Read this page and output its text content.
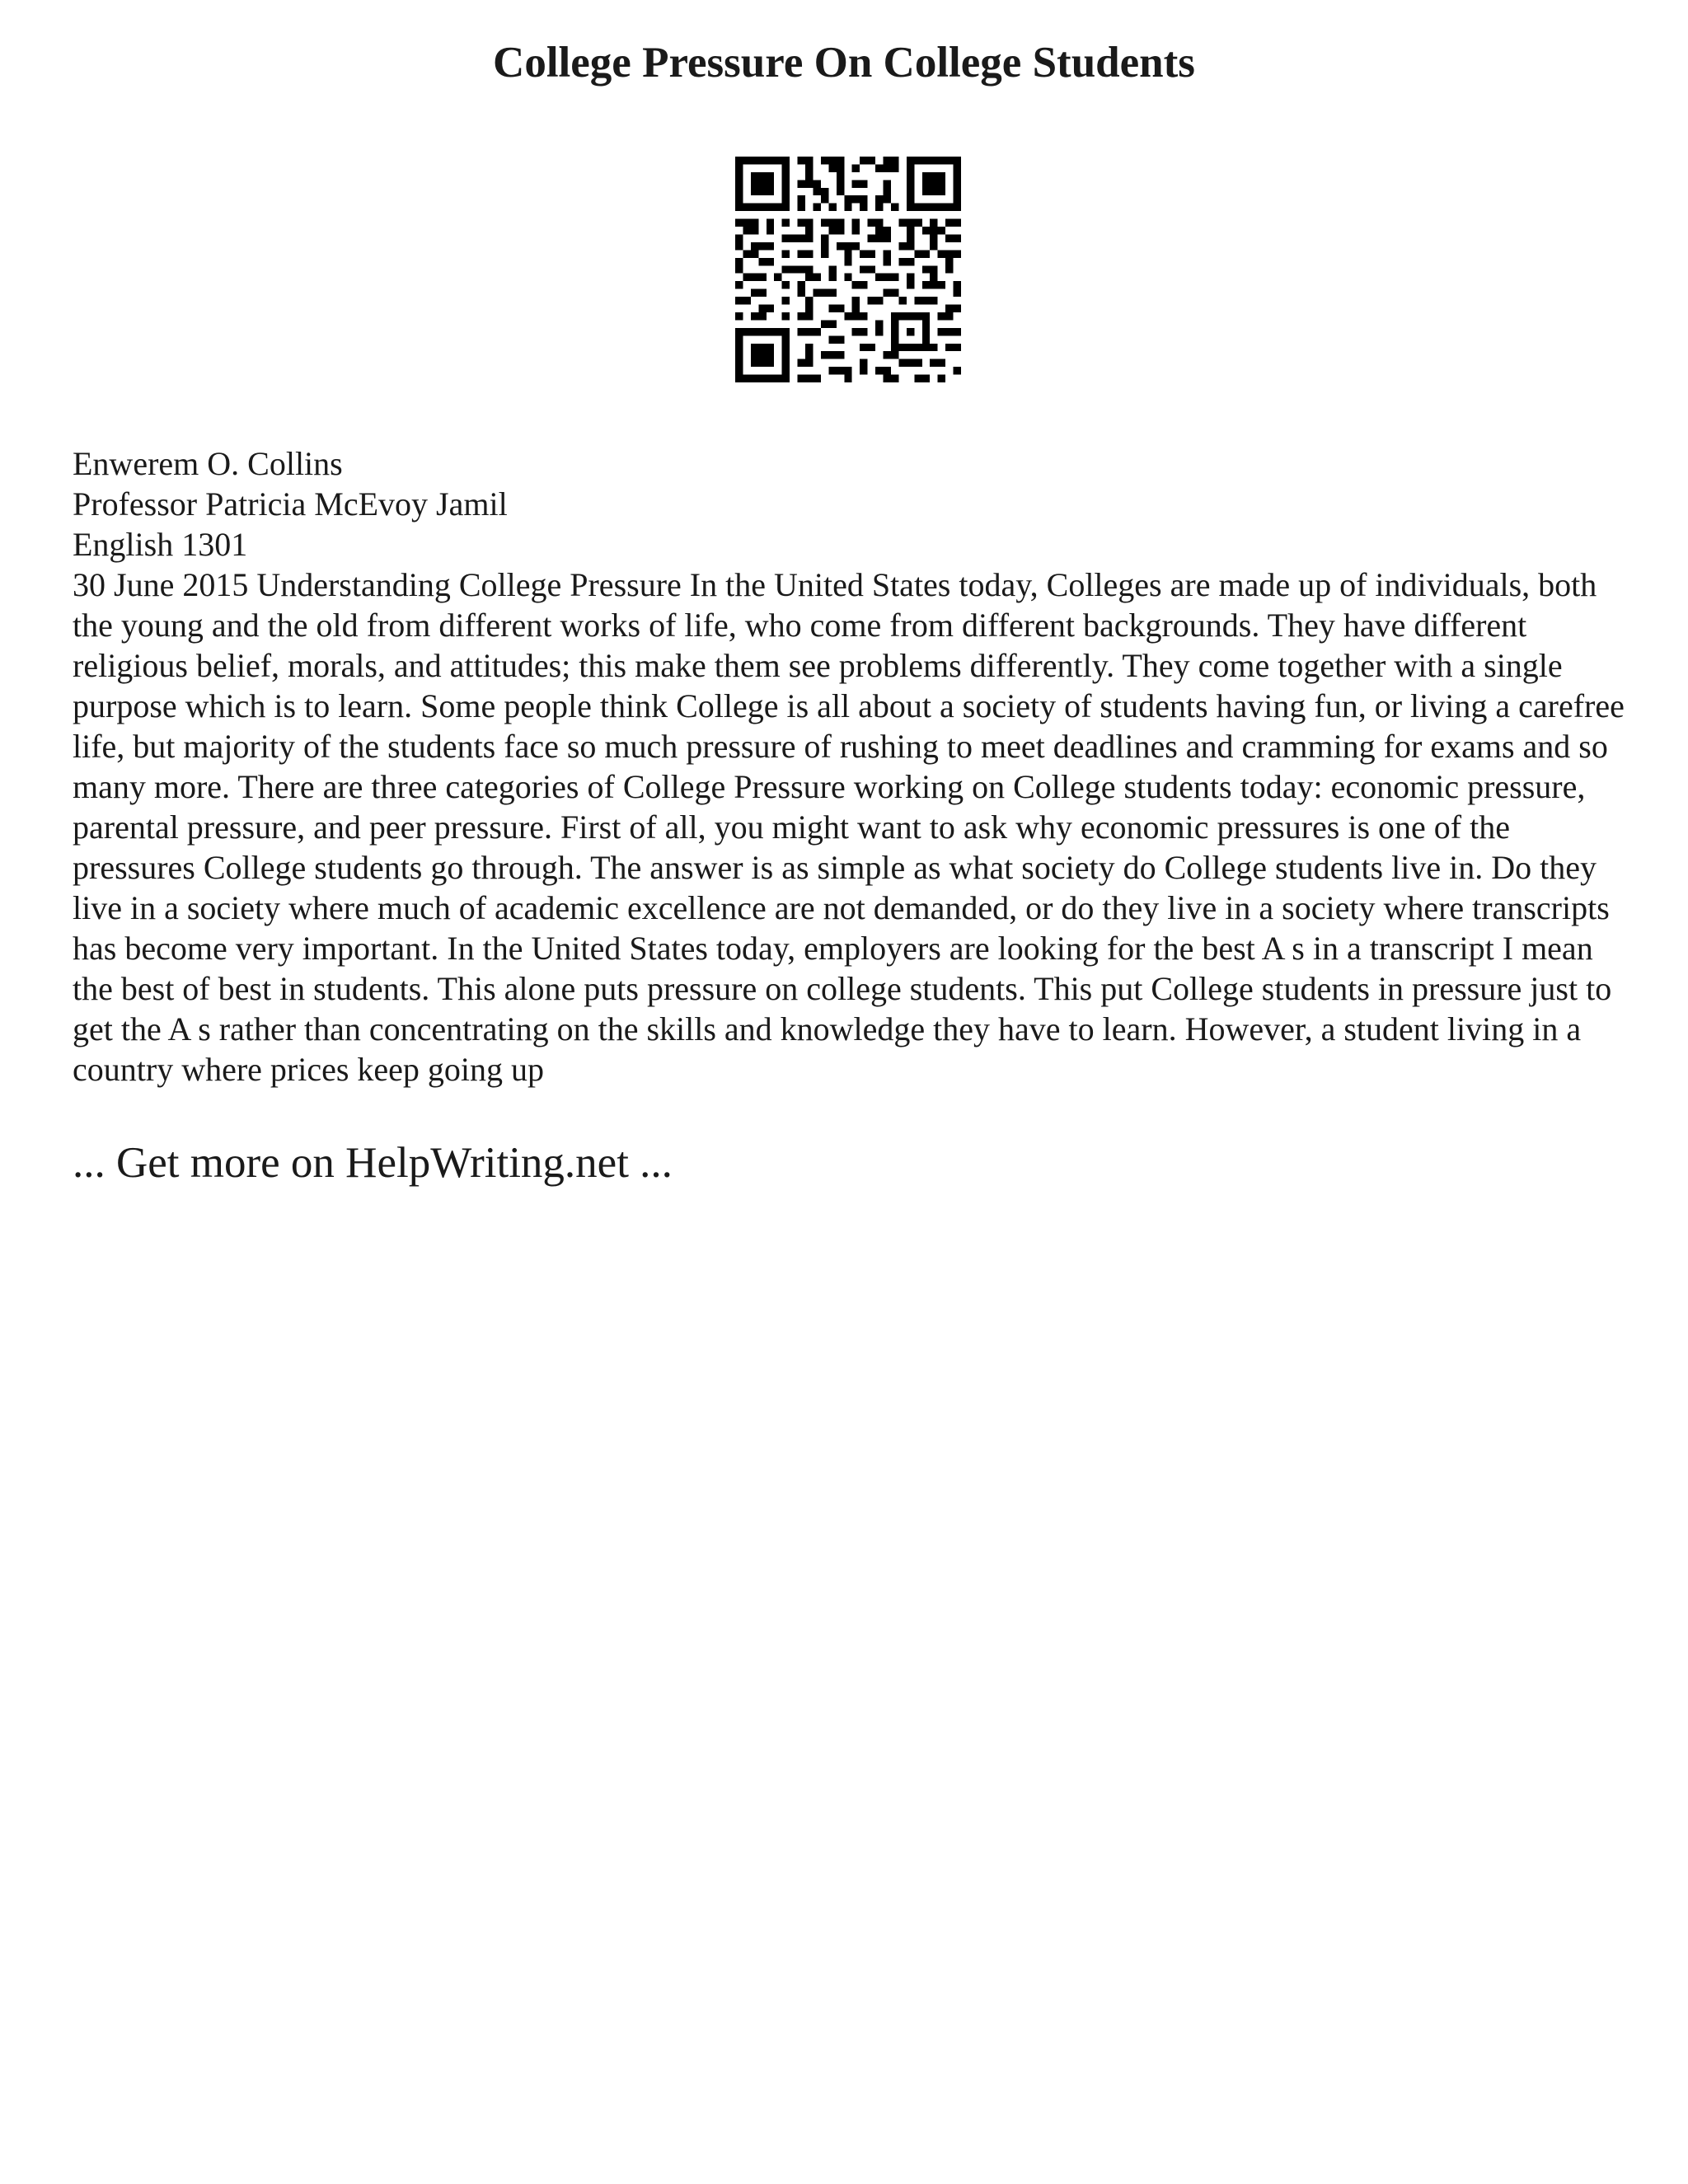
College Pressure On College Students
Enwerem O. Collins
Professor Patricia McEvoy Jamil
English 1301

30 June 2015 Understanding College Pressure In the United States today, Colleges are made up of individuals, both the young and the old from different works of life, who come from different backgrounds. They have different religious belief, morals, and attitudes; this make them see problems differently. They come together with a single purpose which is to learn. Some people think College is all about a society of students having fun, or living a carefree life, but majority of the students face so much pressure of rushing to meet deadlines and cramming for exams and so many more. There are three categories of College Pressure working on College students today: economic pressure, parental pressure, and peer pressure. First of all, you might want to ask why economic pressures is one of the pressures College students go through. The answer is as simple as what society do College students live in. Do they live in a society where much of academic excellence are not demanded, or do they live in a society where transcripts has become very important. In the United States today, employers are looking for the best A s in a transcript I mean the best of best in students. This alone puts pressure on college students. This put College students in pressure just to get the A s rather than concentrating on the skills and knowledge they have to learn. However, a student living in a country where prices keep going up

... Get more on HelpWriting.net ...
